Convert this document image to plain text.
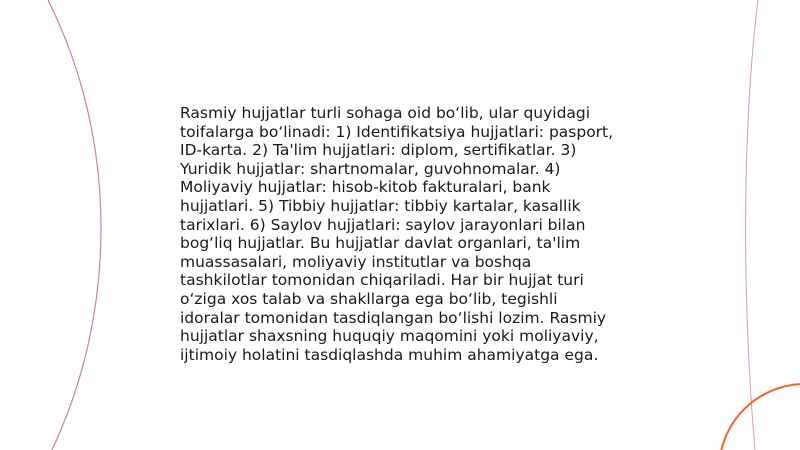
Rasmiy hujjatlar turli sohaga oid bo‘lib, ular quyidagi toifalarga bo‘linadi: 1) Identifikatsiya hujjatlari: pasport, ID-karta. 2) Ta'lim hujjatlari: diplom, sertifikatlar. 3) Yuridik hujjatlar: shartnomalar, guvohnomalar. 4) Moliyaviy hujjatlar: hisob-kitob fakturalari, bank hujjatlari. 5) Tibbiy hujjatlar: tibbiy kartalar, kasallik tarixlari. 6) Saylov hujjatlari: saylov jarayonlari bilan bog‘liq hujjatlar. Bu hujjatlar davlat organlari, ta'lim muassasalari, moliyaviy institutlar va boshqa tashkilotlar tomonidan chiqariladi. Har bir hujjat turi o‘ziga xos talab va shakllarga ega bo‘lib, tegishli idoralar tomonidan tasdiqlangan bo‘lishi lozim. Rasmiy hujjatlar shaxsning huquqiy maqomini yoki moliyaviy, ijtimoiy holatini tasdiqlashda muhim ahamiyatga ega.
